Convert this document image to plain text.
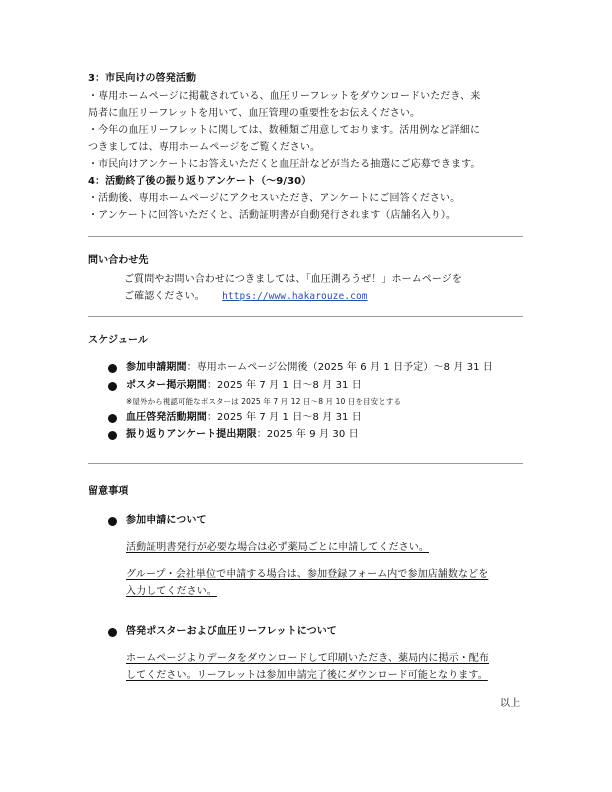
3：市民向けの啓発活動
・専用ホームページに掲載されている、血圧リーフレットをダウンロードいただき、来
局者に血圧リーフレットを用いて、血圧管理の重要性をお伝えください。
・今年の血圧リーフレットに関しては、数種類ご用意しております。活用例など詳細に
つきましては、専用ホームページをご覧ください。
・市民向けアンケートにお答えいただくと血圧計などが当たる抽選にご応募できます。
4：活動終了後の振り返りアンケート（～9/30）
・活動後、専用ホームページにアクセスいただき、アンケートにご回答ください。
・アンケートに回答いただくと、活動証明書が自動発行されます（店舗名入り）。
問い合わせ先
ご質問やお問い合わせにつきましては、「血圧測ろうぜ！」ホームページを
ご確認ください。 https://www.hakarouze.com
スケジュール
参加申請期間：専用ホームページ公開後（2025 年 6 月 1 日予定）～8 月 31 日
ポスター掲示期間：2025 年 7 月 1 日～8 月 31 日
※屋外から視認可能なポスターは 2025 年 7 月 12 日～8 月 10 日を目安とする
血圧啓発活動期間：2025 年 7 月 1 日～8 月 31 日
振り返りアンケート提出期限：2025 年 9 月 30 日
留意事項
参加申請について
活動証明書発行が必要な場合は必ず薬局ごとに申請してください。
グループ・会社単位で申請する場合は、参加登録フォーム内で参加店舗数などを
入力してください。
啓発ポスターおよび血圧リーフレットについて
ホームページよりデータをダウンロードして印刷いただき、薬局内に掲示・配布
してください。リーフレットは参加申請完了後にダウンロード可能となります。
以上
